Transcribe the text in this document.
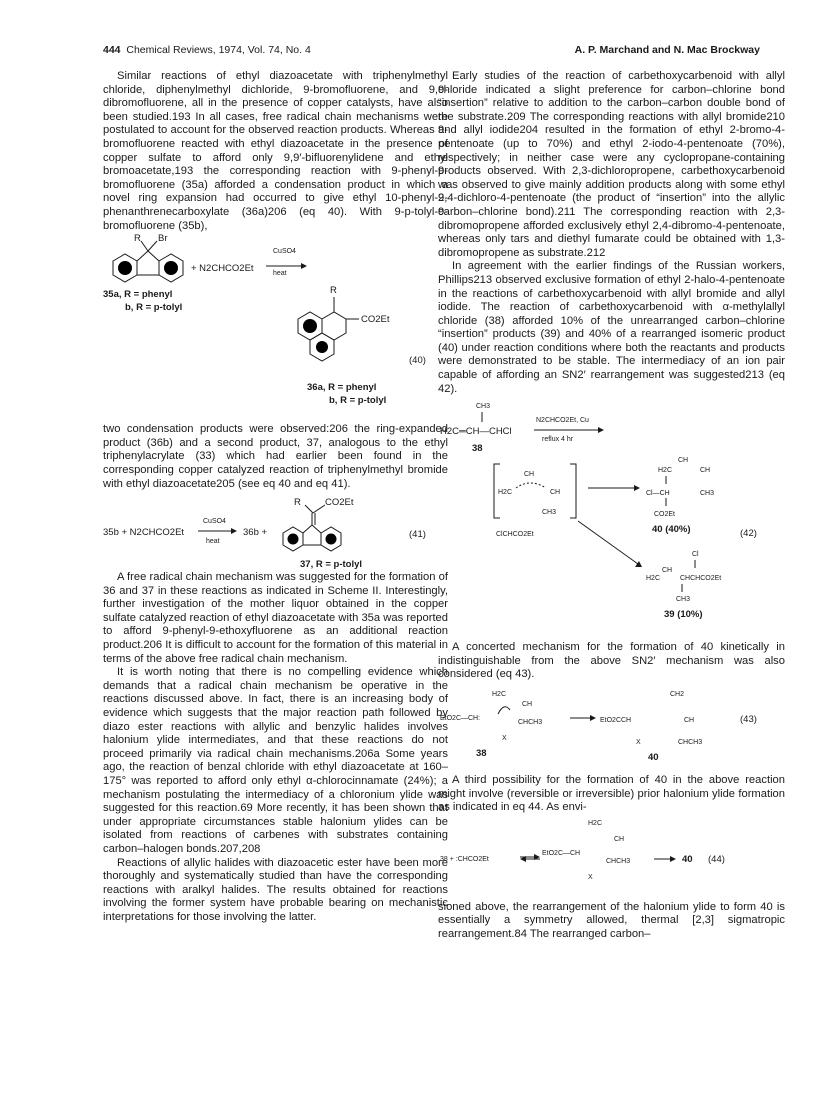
444 Chemical Reviews, 1974, Vol. 74, No. 4	A. P. Marchand and N. Mac Brockway

Similar reactions of ethyl diazoacetate with triphenylmethyl chloride, diphenylmethyl dichloride, 9-bromofluorene, and 9,9-dibromofluorene, all in the presence of copper catalysts, have also been studied.193 In all cases, free radical chain mechanisms were postulated to account for the observed reaction products. Whereas 9-bromofluorene reacted with ethyl diazoacetate in the presence of copper sulfate to afford only 9,9′-bifluorenylidene and ethyl bromoacetate,193 the corresponding reaction with 9-phenyl-9-bromofluorene (35a) afforded a condensation product in which a novel ring expansion had occurred to give ethyl 10-phenyl-9-phenanthrenecarboxylate (36a)206 (eq 40). With 9-p-tolyl-9-bromofluorene (35b),

R Br
+ N2CHCO2Et
CuSO4
heat
35a, R = phenyl
b, R = p-tolyl
R
CO2Et
(40)
36a, R = phenyl
b, R = p-tolyl

two condensation products were observed:206 the ring-expanded product (36b) and a second product, 37, analogous to the ethyl triphenylacrylate (33) which had earlier been found in the corresponding copper catalyzed reaction of triphenylmethyl bromide with ethyl diazoacetate205 (see eq 40 and eq 41).

35b + N2CHCO2Et
CuSO4
heat
36b +
R	CO2Et
(41)
37, R = p-tolyl

A free radical chain mechanism was suggested for the formation of 36 and 37 in these reactions as indicated in Scheme II. Interestingly, further investigation of the mother liquor obtained in the copper sulfate catalyzed reaction of ethyl diazoacetate with 35a was reported to afford 9-phenyl-9-ethoxyfluorene as an additional reaction product.206 It is difficult to account for the formation of this material in terms of the above free radical chain mechanism.

It is worth noting that there is no compelling evidence which demands that a radical chain mechanism be operative in the reactions discussed above. In fact, there is an increasing body of evidence which suggests that the major reaction path followed by diazo ester reactions with allylic and benzylic halides involves halonium ylide intermediates, and that these reactions do not proceed primarily via radical chain mechanisms.206a Some years ago, the reaction of benzal chloride with ethyl diazoacetate at 160–175° was reported to afford only ethyl α-chlorocinnamate (24%); a mechanism postulating the intermediacy of a chloronium ylide was suggested for this reaction.69 More recently, it has been shown that under appropriate circumstances stable halonium ylides can be isolated from reactions of carbenes with substrates containing carbon–halogen bonds.207,208

Reactions of allylic halides with diazoacetic ester have been more thoroughly and systematically studied than have the corresponding reactions with aralkyl halides. The results obtained for reactions involving the former system have probable bearing on mechanistic interpretations for those involving the latter.

Early studies of the reaction of carbethoxycarbenoid with allyl chloride indicated a slight preference for carbon–chlorine bond “insertion” relative to addition to the carbon–carbon double bond of the substrate.209 The corresponding reactions with allyl bromide210 and allyl iodide204 resulted in the formation of ethyl 2-bromo-4-pentenoate (up to 70%) and ethyl 2-iodo-4-pentenoate (70%), respectively; in neither case were any cyclopropane-containing products observed. With 2,3-dichloropropene, carbethoxycarbenoid was observed to give mainly addition products along with some ethyl 2,4-dichloro-4-pentenoate (the product of “insertion” into the allylic carbon–chlorine bond).211 The corresponding reaction with 2,3-dibromopropene afforded exclusively ethyl 2,4-dibromo-4-pentenoate, whereas only tars and diethyl fumarate could be obtained with 1,3-dibromopropene as substrate.212

In agreement with the earlier findings of the Russian workers, Phillips213 observed exclusive formation of ethyl 2-halo-4-pentenoate in the reactions of carbethoxycarbenoid with allyl bromide and allyl iodide. The reaction of carbethoxycarbenoid with α-methylallyl chloride (38) afforded 10% of the unrearranged carbon–chlorine “insertion” products (39) and 40% of a rearranged isomeric product (40) under reaction conditions where both the reactants and products were demonstrated to be stable. The intermediacy of an ion pair capable of affording an SN2′ rearrangement was suggested213 (eq 42).

CH3
H2C═CH—CHCl
N2CHCO2Et, Cu
reflux 4 hr
38
CH
H2C	CH
CH3
ClCHCO2Et
H2C
CH
CH
Cl—CH	CH3
CO2Et
40 (40%)	(42)
Cl
H2C
CH
CHCHCO2Et
CH3
39 (10%)

A concerted mechanism for the formation of 40 kinetically in indistinguishable from the above SN2′ mechanism was also considered (eq 43).

H2C
CH
EtO2C—CH:
CHCH3
X
38
CH2
EtO2CCH	CH
X	CHCH3
40
(43)

A third possibility for the formation of 40 in the above reaction might involve (reversible or irreversible) prior halonium ylide formation as indicated in eq 44. As envi-

38 + :CHCO2Et
H2C
CH
EtO2C—CH
CHCH3
X
40 (44)

sioned above, the rearrangement of the halonium ylide to form 40 is essentially a symmetry allowed, thermal [2,3] sigmatropic rearrangement.84 The rearranged carbon–
